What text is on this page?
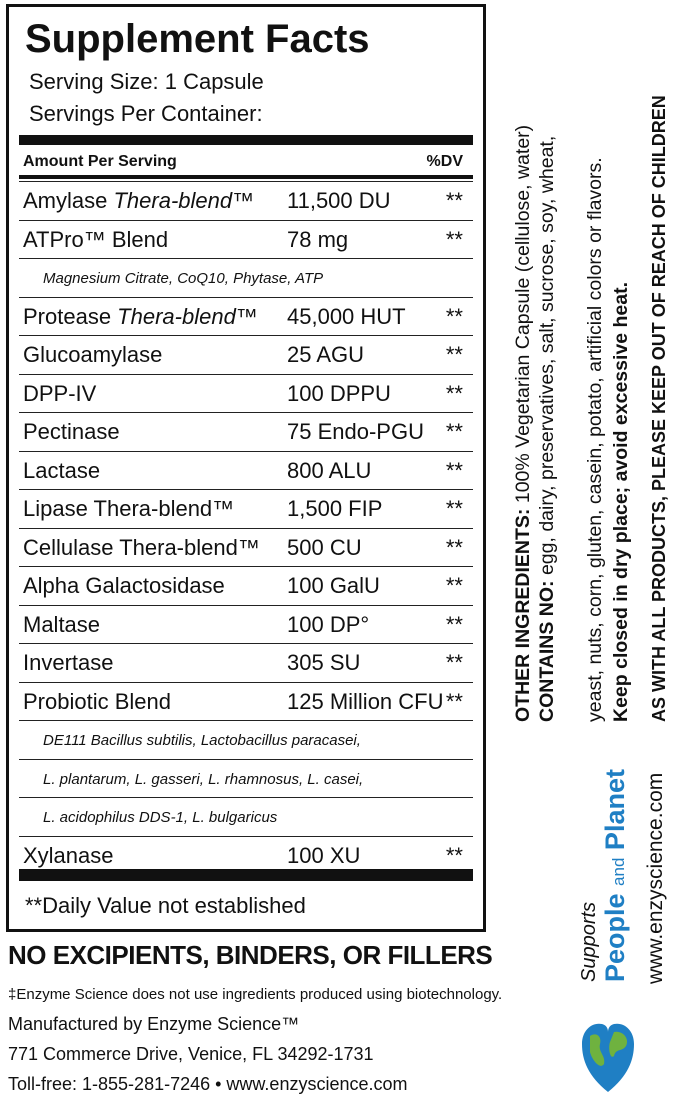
Supplement Facts
Serving Size: 1 Capsule
Servings Per Container:
Amount Per Serving	%DV
Amylase Thera-blend™ 11,500 DU	**
ATPro™ Blend	78 mg	**
Magnesium Citrate, CoQ10, Phytase, ATP
Protease Thera-blend™ 45,000 HUT **
Glucoamylase	25 AGU	**
DPP-IV	100 DPPU **
Pectinase	75 Endo-PGU **
Lactase	800 ALU	**
Lipase Thera-blend™ 1,500 FIP	**
Cellulase Thera-blend™ 500 CU	**
Alpha Galactosidase	100 GalU	**
Maltase	100 DP°	**
Invertase	305 SU	**
Probiotic Blend	125 Million CFU **
DE111 Bacillus subtilis, Lactobacillus paracasei,
L. plantarum, L. gasseri, L. rhamnosus, L. casei,
L. acidophilus DDS-1, L. bulgaricus
Xylanase	100 XU	**
**Daily Value not established
NO EXCIPIENTS, BINDERS, OR FILLERS
‡Enzyme Science does not use ingredients produced using biotechnology.
Manufactured by Enzyme Science™
771 Commerce Drive, Venice, FL 34292-1731
Toll-free: 1-855-281-7246 • www.enzyscience.com
OTHER INGREDIENTS: 100% Vegetarian Capsule (cellulose, water)
CONTAINS NO: egg, dairy, preservatives, salt, sucrose, soy, wheat, yeast, nuts, corn, gluten, casein, potato, artificial colors or flavors. Keep closed in dry place; avoid excessive heat. AS WITH ALL PRODUCTS, PLEASE KEEP OUT OF REACH OF CHILDREN
Supports People and Planet www.enzyscience.com
